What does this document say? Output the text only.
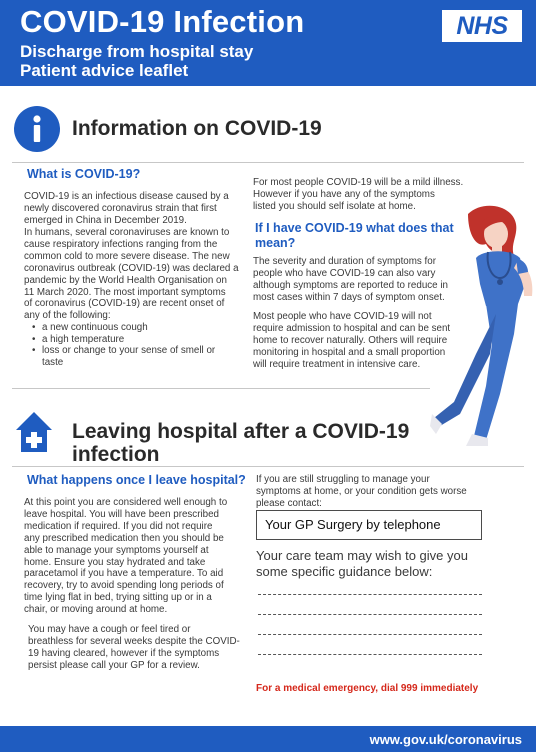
COVID-19 Infection
Discharge from hospital stay
Patient advice leaflet
NHS
Information on COVID-19
What is COVID-19?
COVID-19 is an infectious disease caused by a
newly discovered coronavirus strain that first
emerged in China in December 2019.
In humans, several coronaviruses are known to
cause respiratory infections ranging from the
common cold to more severe disease. The new
coronavirus outbreak (COVID-19) was declared a
pandemic by the World Health Organisation on
11 March 2020. The most important symptoms
of coronavirus (COVID-19) are recent onset of
any of the following:
• a new continuous cough
• a high temperature
• loss or change to your sense of smell or
taste
For most people COVID-19 will be a mild illness.
However if you have any of the symptoms
listed you should self isolate at home.
If I have COVID-19 what does that
mean?
The severity and duration of symptoms for
people who have COVID-19 can also vary
although symptoms are reported to reduce in
most cases within 7 days of symptom onset.
Most people who have COVID-19 will not
require admission to hospital and can be sent
home to recover naturally. Others will require
monitoring in hospital and a small proportion
will require treatment in intensive care.
Leaving hospital after a COVID-19
infection
What happens once I leave hospital?
At this point you are considered well enough to
leave hospital. You will have been prescribed
medication if required. If you did not require
any prescribed medication then you should be
able to manage your symptoms yourself at
home. Ensure you stay hydrated and take
paracetamol if you have a temperature. To aid
recovery, try to avoid spending long periods of
time lying flat in bed, trying sitting up or in a
chair, or moving around at home.
You may have a cough or feel tired or
breathless for several weeks despite the COVID-
19 having cleared, however if the symptoms
persist please call your GP for a review.
If you are still struggling to manage your
symptoms at home, or your condition gets worse
please contact:
Your GP Surgery by telephone
Your care team may wish to give you
some specific guidance below:
For a medical emergency, dial 999 immediately
www.gov.uk/coronavirus
